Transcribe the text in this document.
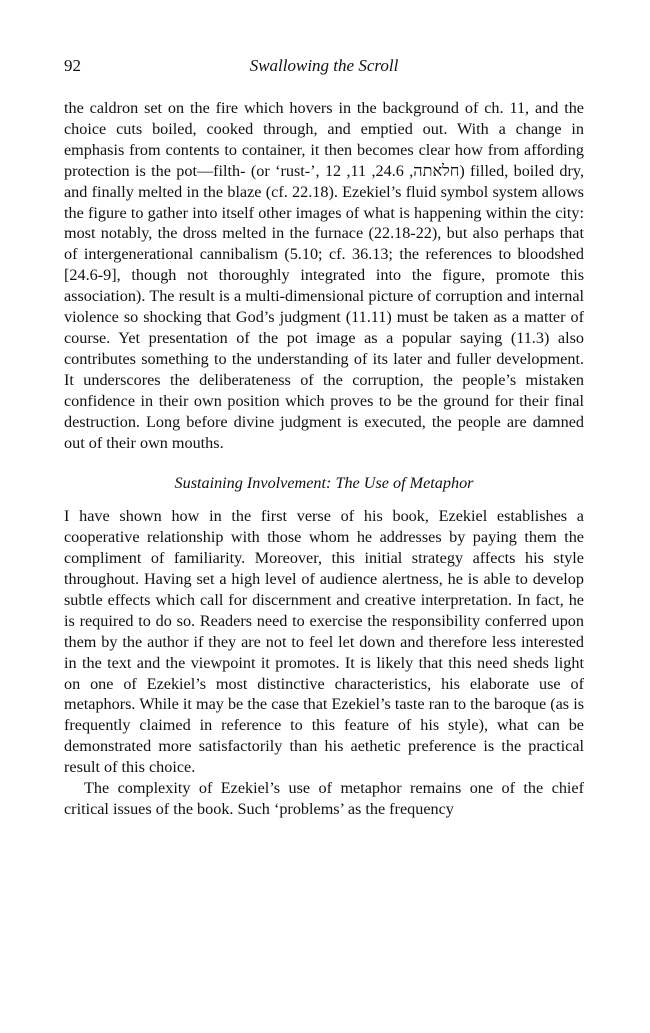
92	Swallowing the Scroll

the caldron set on the fire which hovers in the background of ch. 11, and the choice cuts boiled, cooked through, and emptied out. With a change in emphasis from contents to container, it then becomes clear how from affording protection is the pot—filth- (or ‘rust-’, חלאתה, 24.6, 11, 12) filled, boiled dry, and finally melted in the blaze (cf. 22.18). Ezekiel’s fluid symbol system allows the figure to gather into itself other images of what is happening within the city: most notably, the dross melted in the furnace (22.18-22), but also perhaps that of intergenerational cannibalism (5.10; cf. 36.13; the references to bloodshed [24.6-9], though not thoroughly integrated into the figure, promote this association). The result is a multi-dimensional picture of corruption and internal violence so shocking that God’s judgment (11.11) must be taken as a matter of course. Yet presentation of the pot image as a popular saying (11.3) also contributes something to the understanding of its later and fuller development. It underscores the deliberateness of the corruption, the people’s mistaken confidence in their own position which proves to be the ground for their final destruction. Long before divine judgment is executed, the people are damned out of their own mouths.

Sustaining Involvement: The Use of Metaphor

I have shown how in the first verse of his book, Ezekiel establishes a cooperative relationship with those whom he addresses by paying them the compliment of familiarity. Moreover, this initial strategy affects his style throughout. Having set a high level of audience alertness, he is able to develop subtle effects which call for discernment and creative interpretation. In fact, he is required to do so. Readers need to exercise the responsibility conferred upon them by the author if they are not to feel let down and therefore less interested in the text and the viewpoint it promotes. It is likely that this need sheds light on one of Ezekiel’s most distinctive characteristics, his elaborate use of metaphors. While it may be the case that Ezekiel’s taste ran to the baroque (as is frequently claimed in reference to this feature of his style), what can be demonstrated more satisfactorily than his aethetic preference is the practical result of this choice.

The complexity of Ezekiel’s use of metaphor remains one of the chief critical issues of the book. Such ‘problems’ as the frequency
